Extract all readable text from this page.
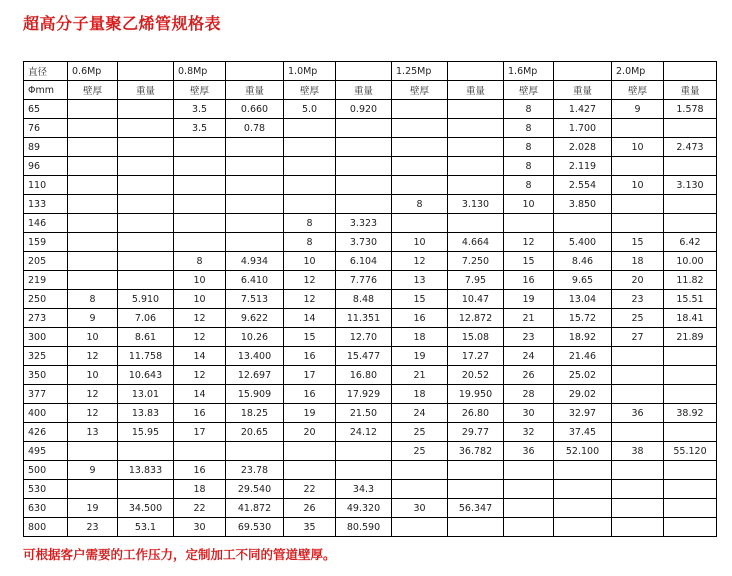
超高分子量聚乙烯管规格表
直径	0.6Mp		0.8Mp		1.0Mp		1.25Mp		1.6Mp		2.0Mp	
Φmm	壁厚	重量	壁厚	重量	壁厚	重量	壁厚	重量	壁厚	重量	壁厚	重量
65			3.5	0.660	5.0	0.920			8	1.427	9	1.578
76			3.5	0.78					8	1.700		
89									8	2.028	10	2.473
96									8	2.119		
110									8	2.554	10	3.130
133							8	3.130	10	3.850		
146					8	3.323						
159					8	3.730	10	4.664	12	5.400	15	6.42
205			8	4.934	10	6.104	12	7.250	15	8.46	18	10.00
219			10	6.410	12	7.776	13	7.95	16	9.65	20	11.82
250	8	5.910	10	7.513	12	8.48	15	10.47	19	13.04	23	15.51
273	9	7.06	12	9.622	14	11.351	16	12.872	21	15.72	25	18.41
300	10	8.61	12	10.26	15	12.70	18	15.08	23	18.92	27	21.89
325	12	11.758	14	13.400	16	15.477	19	17.27	24	21.46		
350	10	10.643	12	12.697	17	16.80	21	20.52	26	25.02		
377	12	13.01	14	15.909	16	17.929	18	19.950	28	29.02		
400	12	13.83	16	18.25	19	21.50	24	26.80	30	32.97	36	38.92
426	13	15.95	17	20.65	20	24.12	25	29.77	32	37.45		
495							25	36.782	36	52.100	38	55.120
500	9	13.833	16	23.78								
530			18	29.540	22	34.3						
630	19	34.500	22	41.872	26	49.320	30	56.347				
800	23	53.1	30	69.530	35	80.590						
可根据客户需要的工作压力，定制加工不同的管道壁厚。
